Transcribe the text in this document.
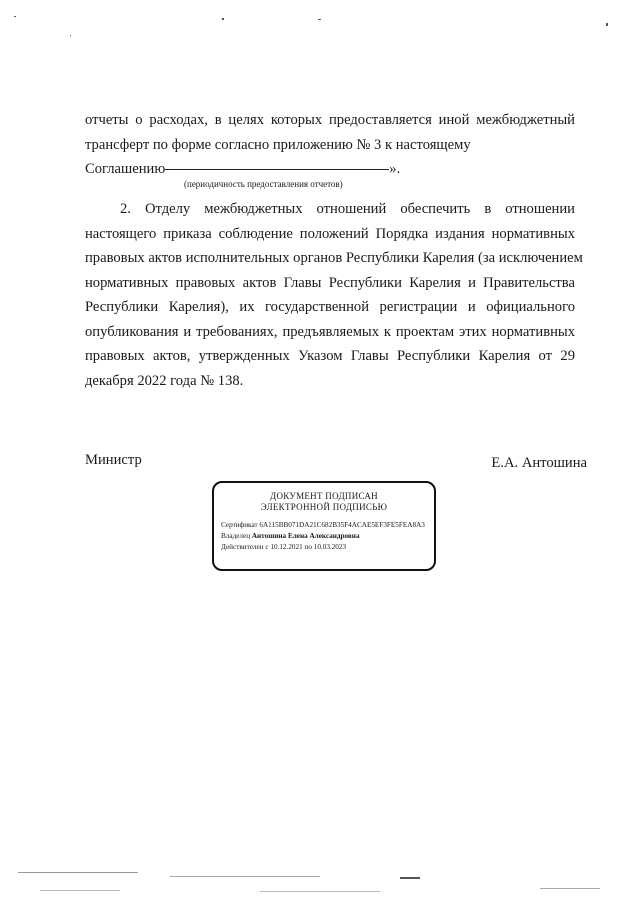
отчеты о расходах, в целях которых предоставляется иной межбюджетный
трансферт по форме согласно приложению № 3 к настоящему
Соглашению	».
(периодичность предоставления отчетов)
2. Отделу межбюджетных отношений обеспечить в отношении
настоящего приказа соблюдение положений Порядка издания нормативных
правовых актов исполнительных органов Республики Карелия (за исключением
нормативных правовых актов Главы Республики Карелия и Правительства
Республики Карелия), их государственной регистрации и официального
опубликования и требованиях, предъявляемых к проектам этих нормативных
правовых актов, утвержденных Указом Главы Республики Карелия от 29
декабря 2022 года № 138.
Министр	Е.А. Антошина
ДОКУМЕНТ ПОДПИСАН
ЭЛЕКТРОННОЙ ПОДПИСЬЮ
Сертификат 6A115BB071DA21C682B35F4ACAE5EF3FE5FEA8A3
Владелец Антошина Елена Александровна
Действителен с 10.12.2021 по 10.03.2023
